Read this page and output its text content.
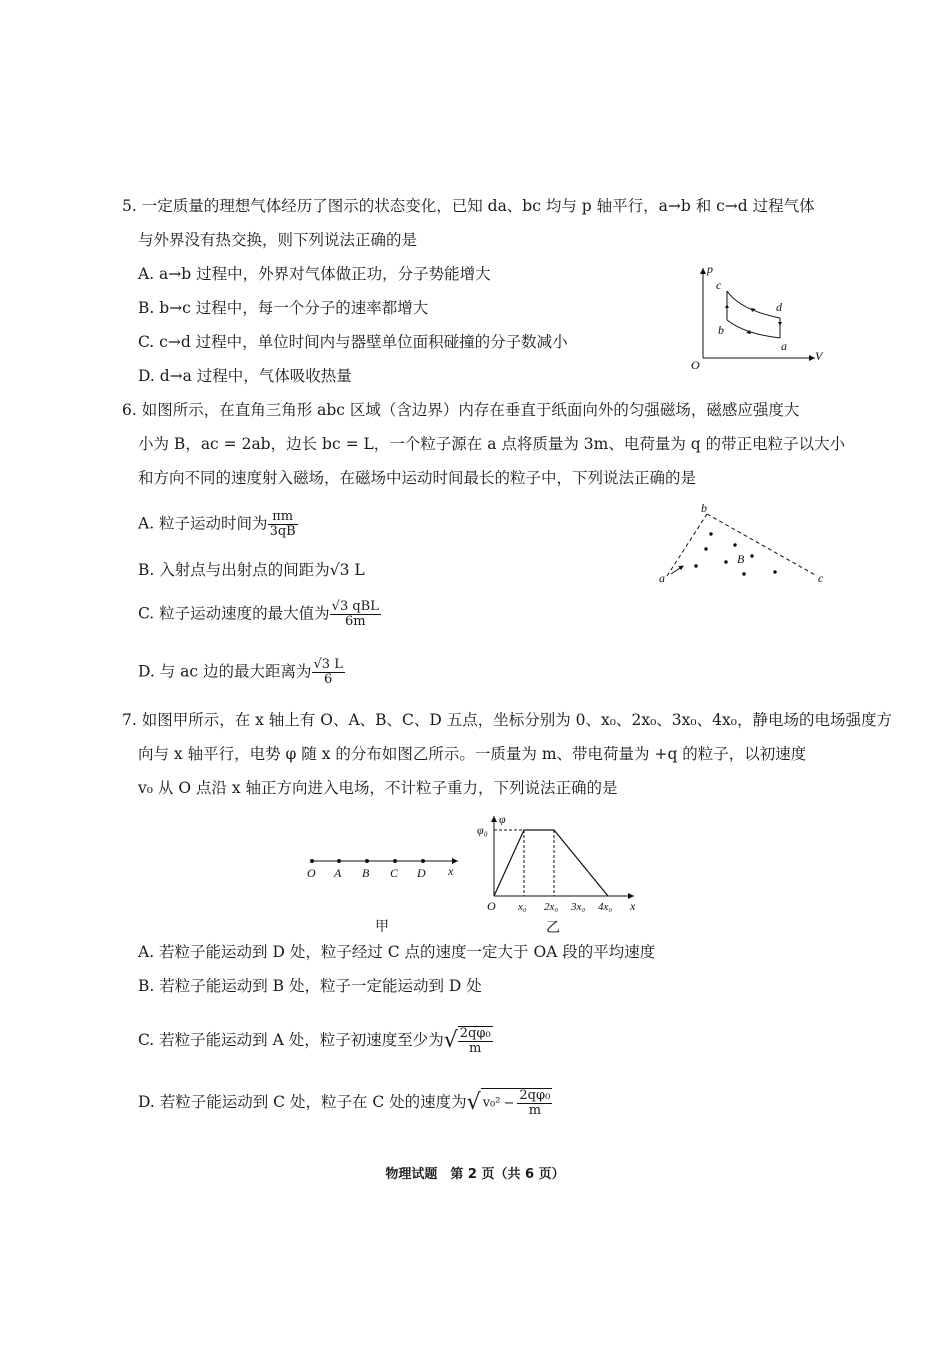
5. 一定质量的理想气体经历了图示的状态变化，已知 da、bc 均与 p 轴平行，a→b 和 c→d 过程气体
与外界没有热交换，则下列说法正确的是
A. a→b 过程中，外界对气体做正功，分子势能增大
B. b→c 过程中，每一个分子的速率都增大
C. c→d 过程中，单位时间内与器壁单位面积碰撞的分子数减小
D. d→a 过程中，气体吸收热量
p
V
O
c
b
d
a
6. 如图所示，在直角三角形 abc 区域（含边界）内存在垂直于纸面向外的匀强磁场，磁感应强度大
小为 B，ac = 2ab，边长 bc = L，一个粒子源在 a 点将质量为 3m、电荷量为 q 的带正电粒子以大小
和方向不同的速度射入磁场，在磁场中运动时间最长的粒子中，下列说法正确的是
A. 粒子运动时间为 $\frac{\pi m}{3qB}$
B. 入射点与出射点的间距为√3 L
C. 粒子运动速度的最大值为 $\frac{\text{√3 qBL}}{6m}$
D. 与 ac 边的最大距离为 $\frac{√3 L}{6}$
a
b
c
B
7. 如图甲所示，在 x 轴上有 O、A、B、C、D 五点，坐标分别为 0、x₀、2x₀、3x₀、4x₀，静电场的电场强度方
向与 x 轴平行，电势 φ 随 x 的分布如图乙所示。一质量为 m、带电荷量为 +q 的粒子，以初速度
v₀ 从 O 点沿 x 轴正方向进入电场，不计粒子重力，下列说法正确的是
O A B C D x
甲
φ
φ₀
O x₀ 2x₀ 3x₀ 4x₀ x
乙
A. 若粒子能运动到 D 处，粒子经过 C 点的速度一定大于 OA 段的平均速度
B. 若粒子能运动到 B 处，粒子一定能运动到 D 处
C. 若粒子能运动到 A 处，粒子初速度至少为√ $\frac{\text{2qφ₀}}{m}$
D. 若粒子能运动到 C 处，粒子在 C 处的速度为√ $v_0^2 - \frac{\text{2qφ₀}}{m}$
物理试题　第 2 页（共 6 页）
